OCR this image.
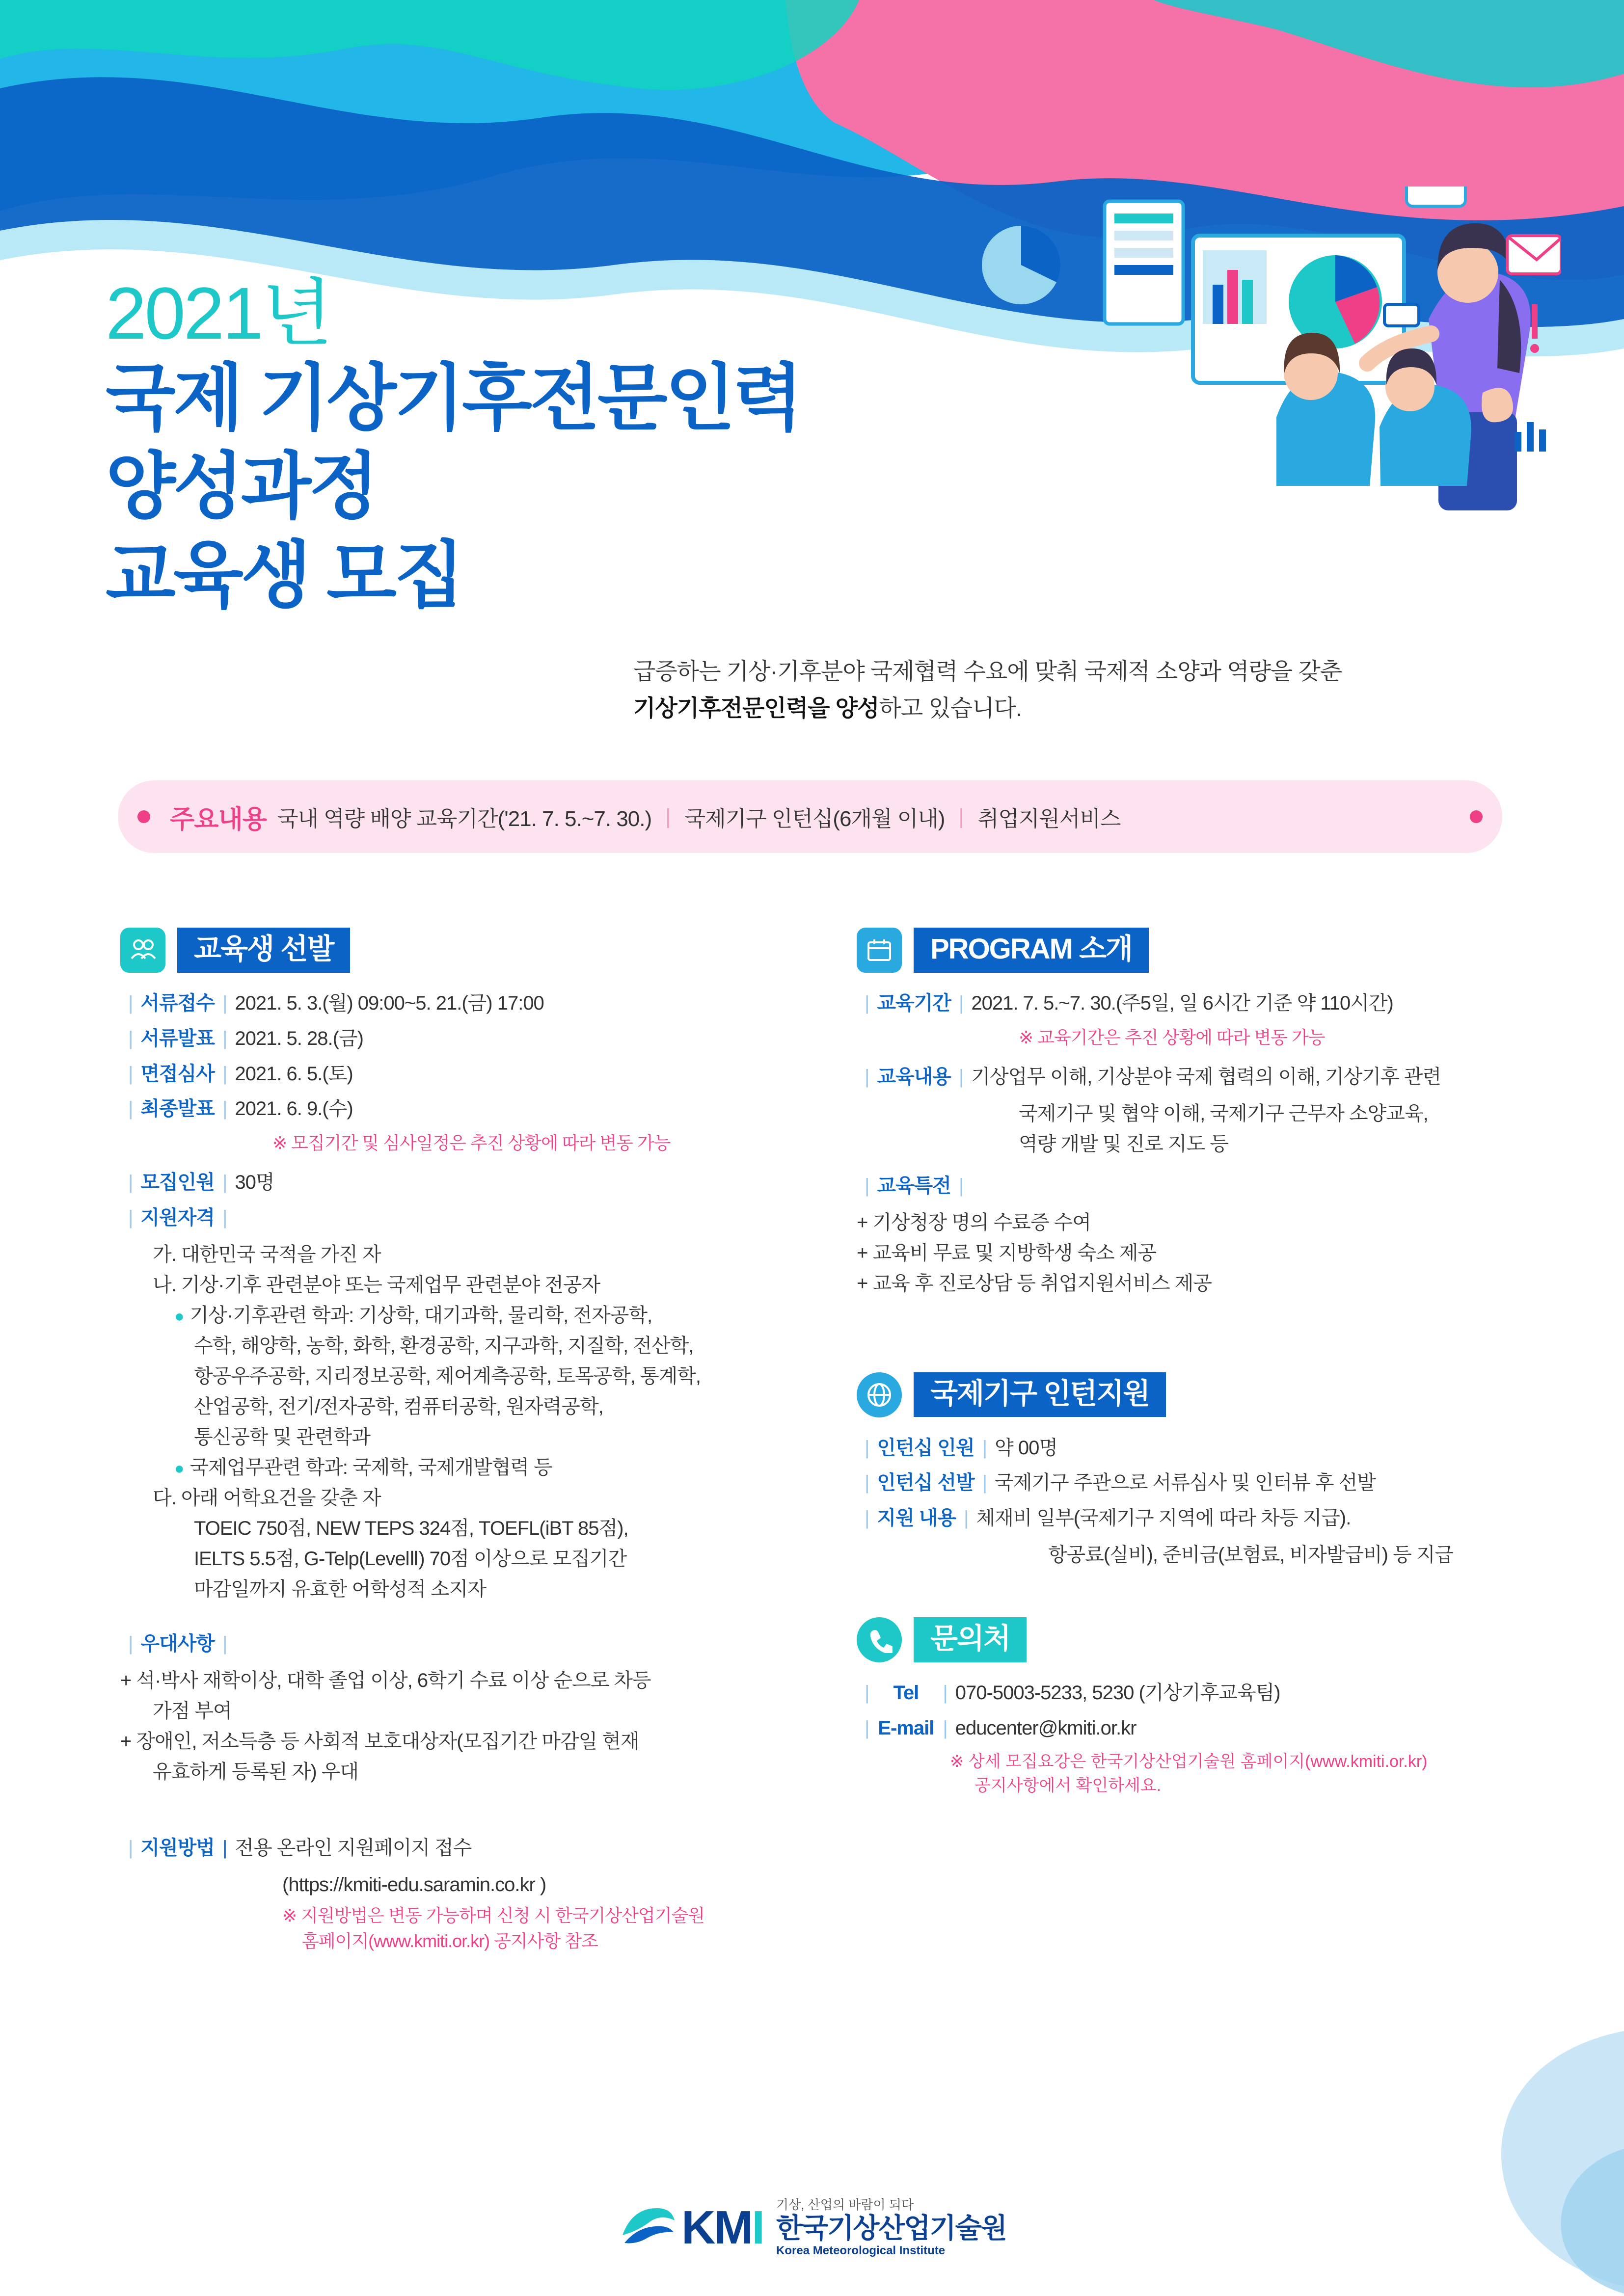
2021년
국제 기상기후전문인력
양성과정
교육생 모집
급증하는 기상·기후분야 국제협력 수요에 맞춰 국제적 소양과 역량을 갖춘
기상기후전문인력을 양성하고 있습니다.
주요내용 국내 역량 배양 교육기간('21. 7. 5.~7. 30.) | 국제기구 인턴십(6개월 이내) | 취업지원서비스
교육생 선발
| 서류접수 | 2021. 5. 3.(월) 09:00~5. 21.(금) 17:00
| 서류발표 | 2021. 5. 28.(금)
| 면접심사 | 2021. 6. 5.(토)
| 최종발표 | 2021. 6. 9.(수)
※ 모집기간 및 심사일정은 추진 상황에 따라 변동 가능
| 모집인원 | 30명
| 지원자격 |
가. 대한민국 국적을 가진 자
나. 기상·기후 관련분야 또는 국제업무 관련분야 전공자
● 기상·기후관련 학과: 기상학, 대기과학, 물리학, 전자공학,
수학, 해양학, 농학, 화학, 환경공학, 지구과학, 지질학, 전산학,
항공우주공학, 지리정보공학, 제어계측공학, 토목공학, 통계학,
산업공학, 전기/전자공학, 컴퓨터공학, 원자력공학,
통신공학 및 관련학과
● 국제업무관련 학과: 국제학, 국제개발협력 등
다. 아래 어학요건을 갖춘 자
TOEIC 750점, NEW TEPS 324점, TOEFL(iBT 85점),
IELTS 5.5점, G-Telp(LevelⅡ) 70점 이상으로 모집기간
마감일까지 유효한 어학성적 소지자
| 우대사항 |
+ 석·박사 재학이상, 대학 졸업 이상, 6학기 수료 이상 순으로 차등
가점 부여
+ 장애인, 저소득층 등 사회적 보호대상자(모집기간 마감일 현재
유효하게 등록된 자) 우대
| 지원방법 | 전용 온라인 지원페이지 접수
(https://kmiti-edu.saramin.co.kr )
※ 지원방법은 변동 가능하며 신청 시 한국기상산업기술원
홈페이지(www.kmiti.or.kr) 공지사항 참조
PROGRAM 소개
| 교육기간 | 2021. 7. 5.~7. 30.(주5일, 일 6시간 기준 약 110시간)
※ 교육기간은 추진 상황에 따라 변동 가능
| 교육내용 | 기상업무 이해, 기상분야 국제 협력의 이해, 기상기후 관련
국제기구 및 협약 이해, 국제기구 근무자 소양교육,
역량 개발 및 진로 지도 등
| 교육특전 |
+ 기상청장 명의 수료증 수여
+ 교육비 무료 및 지방학생 숙소 제공
+ 교육 후 진로상담 등 취업지원서비스 제공
국제기구 인턴지원
| 인턴십 인원 | 약 00명
| 인턴십 선발 | 국제기구 주관으로 서류심사 및 인터뷰 후 선발
| 지원 내용 | 체재비 일부(국제기구 지역에 따라 차등 지급).
항공료(실비), 준비금(보험료, 비자발급비) 등 지급
문의처
|	Tel	| 070-5003-5233, 5230 (기상기후교육팀)
| E-mail | educenter@kmiti.or.kr
※ 상세 모집요강은 한국기상산업기술원 홈페이지(www.kmiti.or.kr)
공지사항에서 확인하세요.
KMI 기상, 산업의 바람이 되다
한국기상산업기술원
Korea Meteorological Institute
